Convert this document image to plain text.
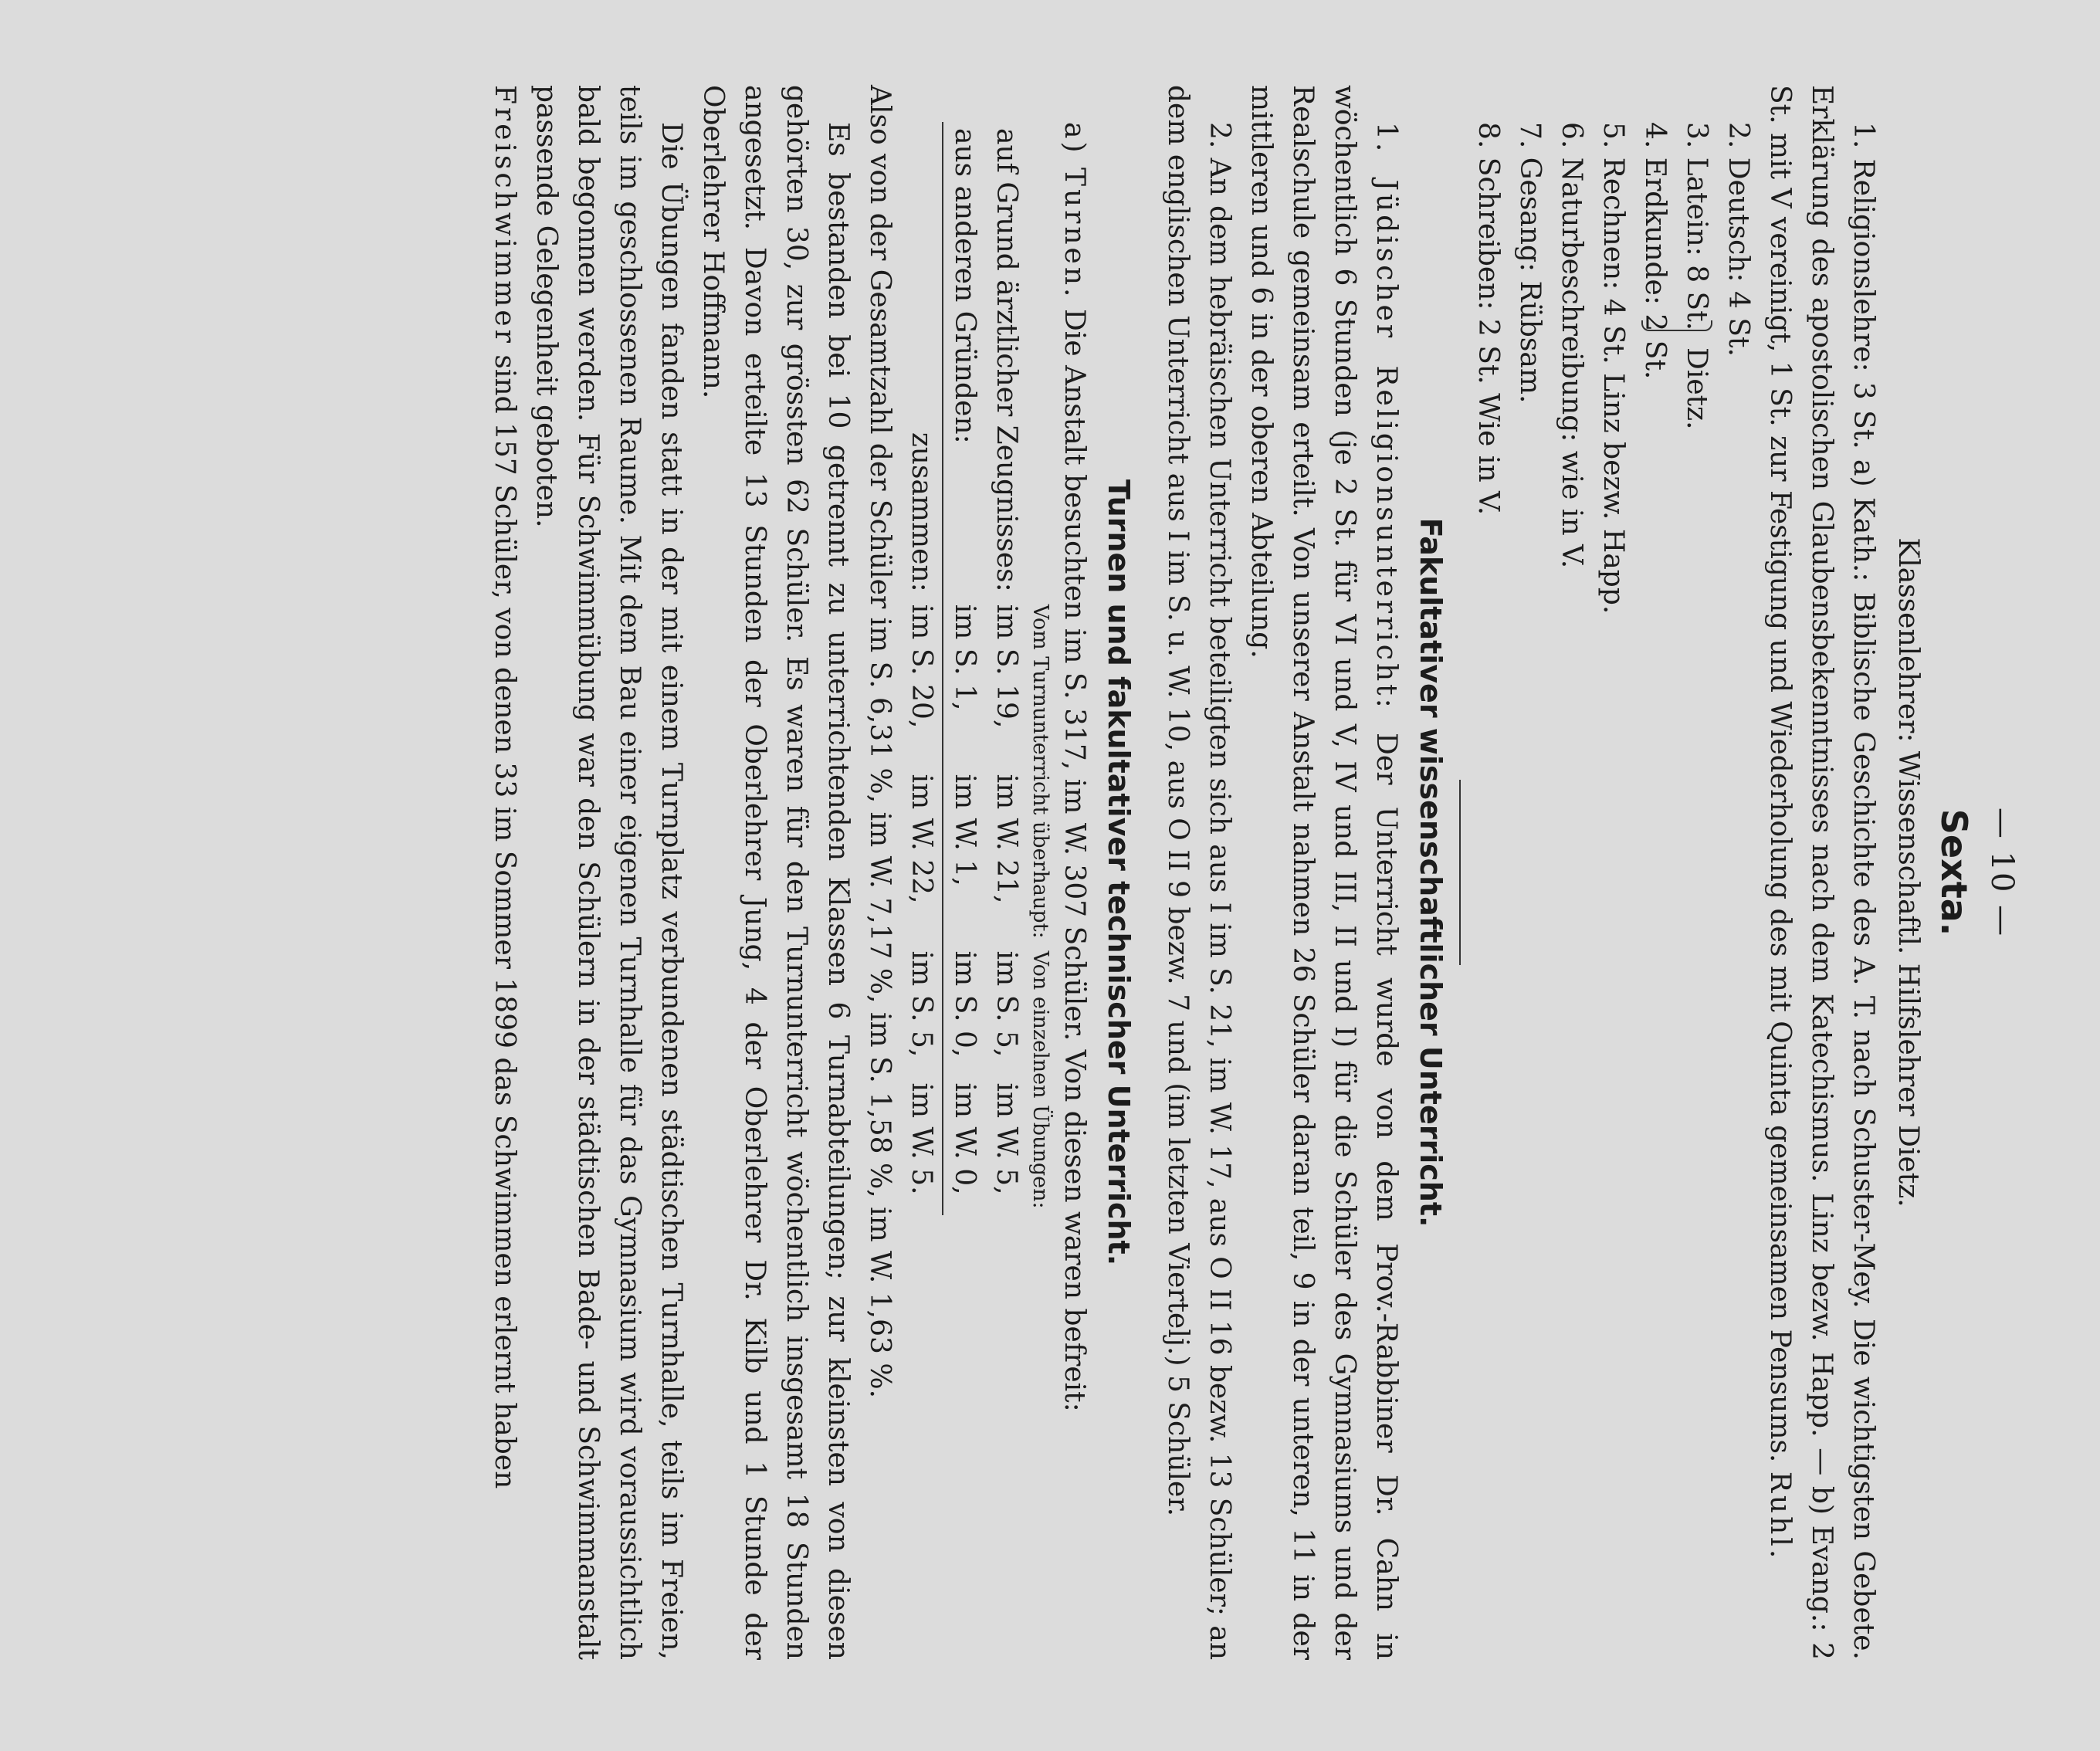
— 10 —
Sexta.
Klassenlehrer: Wissenschaftl. Hilfslehrer Dietz.

1. Religionslehre: 3 St. a) Kath.: Biblische Geschichte des A. T. nach Schuster-Mey. Die wichtigsten Gebete. Erklärung des apostolischen Glaubensbekenntnisses nach dem Katechismus. Linz bezw. Happ. — b) Evang.: 2 St. mit V vereinigt, 1 St. zur Festigung und Wiederholung des mit Quinta gemeinsamen Pensums. Ruhl.

2. Deutsch: 4 St.
3. Latein: 8 St.
4. Erdkunde: 2 St.
Dietz.
5. Rechnen: 4 St. Linz bezw. Happ.
6. Naturbeschreibung: wie in V.
7. Gesang: Rübsam.
8. Schreiben: 2 St. Wie in V.
Fakultativer wissenschaftlicher Unterricht.

1. Jüdischer Religionsunterricht: Der Unterricht wurde von dem Prov.-Rabbiner Dr. Cahn in wöchentlich 6 Stunden (je 2 St. für VI und V, IV und III, II und I) für die Schüler des Gymnasiums und der Realschule gemeinsam erteilt. Von unserer Anstalt nahmen 26 Schüler daran teil, 9 in der unteren, 11 in der mittleren und 6 in der oberen Abteilung.

2. An dem hebräischen Unterricht beteiligten sich aus I im S. 21, im W. 17, aus O II 16 bezw. 13 Schüler; an dem englischen Unterricht aus I im S. u. W. 10, aus O II 9 bezw. 7 und (im letzten Viertelj.) 5 Schüler.

Turnen und fakultativer technischer Unterricht.

a) Turnen. Die Anstalt besuchten im S. 317, im W. 307 Schüler. Von diesen waren befreit:

	Vom Turnunterricht überhaupt:		Von einzelnen Übungen:	
auf Grund ärztlicher Zeugnisses:	im S. 19,	im W. 21,	im S. 5,	im W. 5,
aus anderen Gründen:	im S. 1,	im W. 1,	im S. 0,	im W. 0,
zusammen:	im S. 20,	im W. 22,	im S. 5,	im W. 5.

Also von der Gesamtzahl der Schüler im S. 6,31 %, im W. 7,17 %, im S. 1,58 %, im W. 1,63 %.

Es bestanden bei 10 getrennt zu unterrichtenden Klassen 6 Turnabteilungen; zur kleinsten von diesen gehörten 30, zur grössten 62 Schüler. Es waren für den Turnunterricht wöchentlich insgesamt 18 Stunden angesetzt. Davon erteilte 13 Stunden der Oberlehrer Jung, 4 der Oberlehrer Dr. Kilb und 1 Stunde der Oberlehrer Hoffmann.

Die Übungen fanden statt in der mit einem Turnplatz verbundenen städtischen Turnhalle, teils im Freien, teils im geschlossenen Raume. Mit dem Bau einer eigenen Turnhalle für das Gymnasium wird voraussichtlich bald begonnen werden. Für Schwimmübung war den Schülern in der städtischen Bade- und Schwimmanstalt passende Gelegenheit geboten.

Freischwimmer sind 157 Schüler, von denen 33 im Sommer 1899 das Schwimmen erlernt haben
